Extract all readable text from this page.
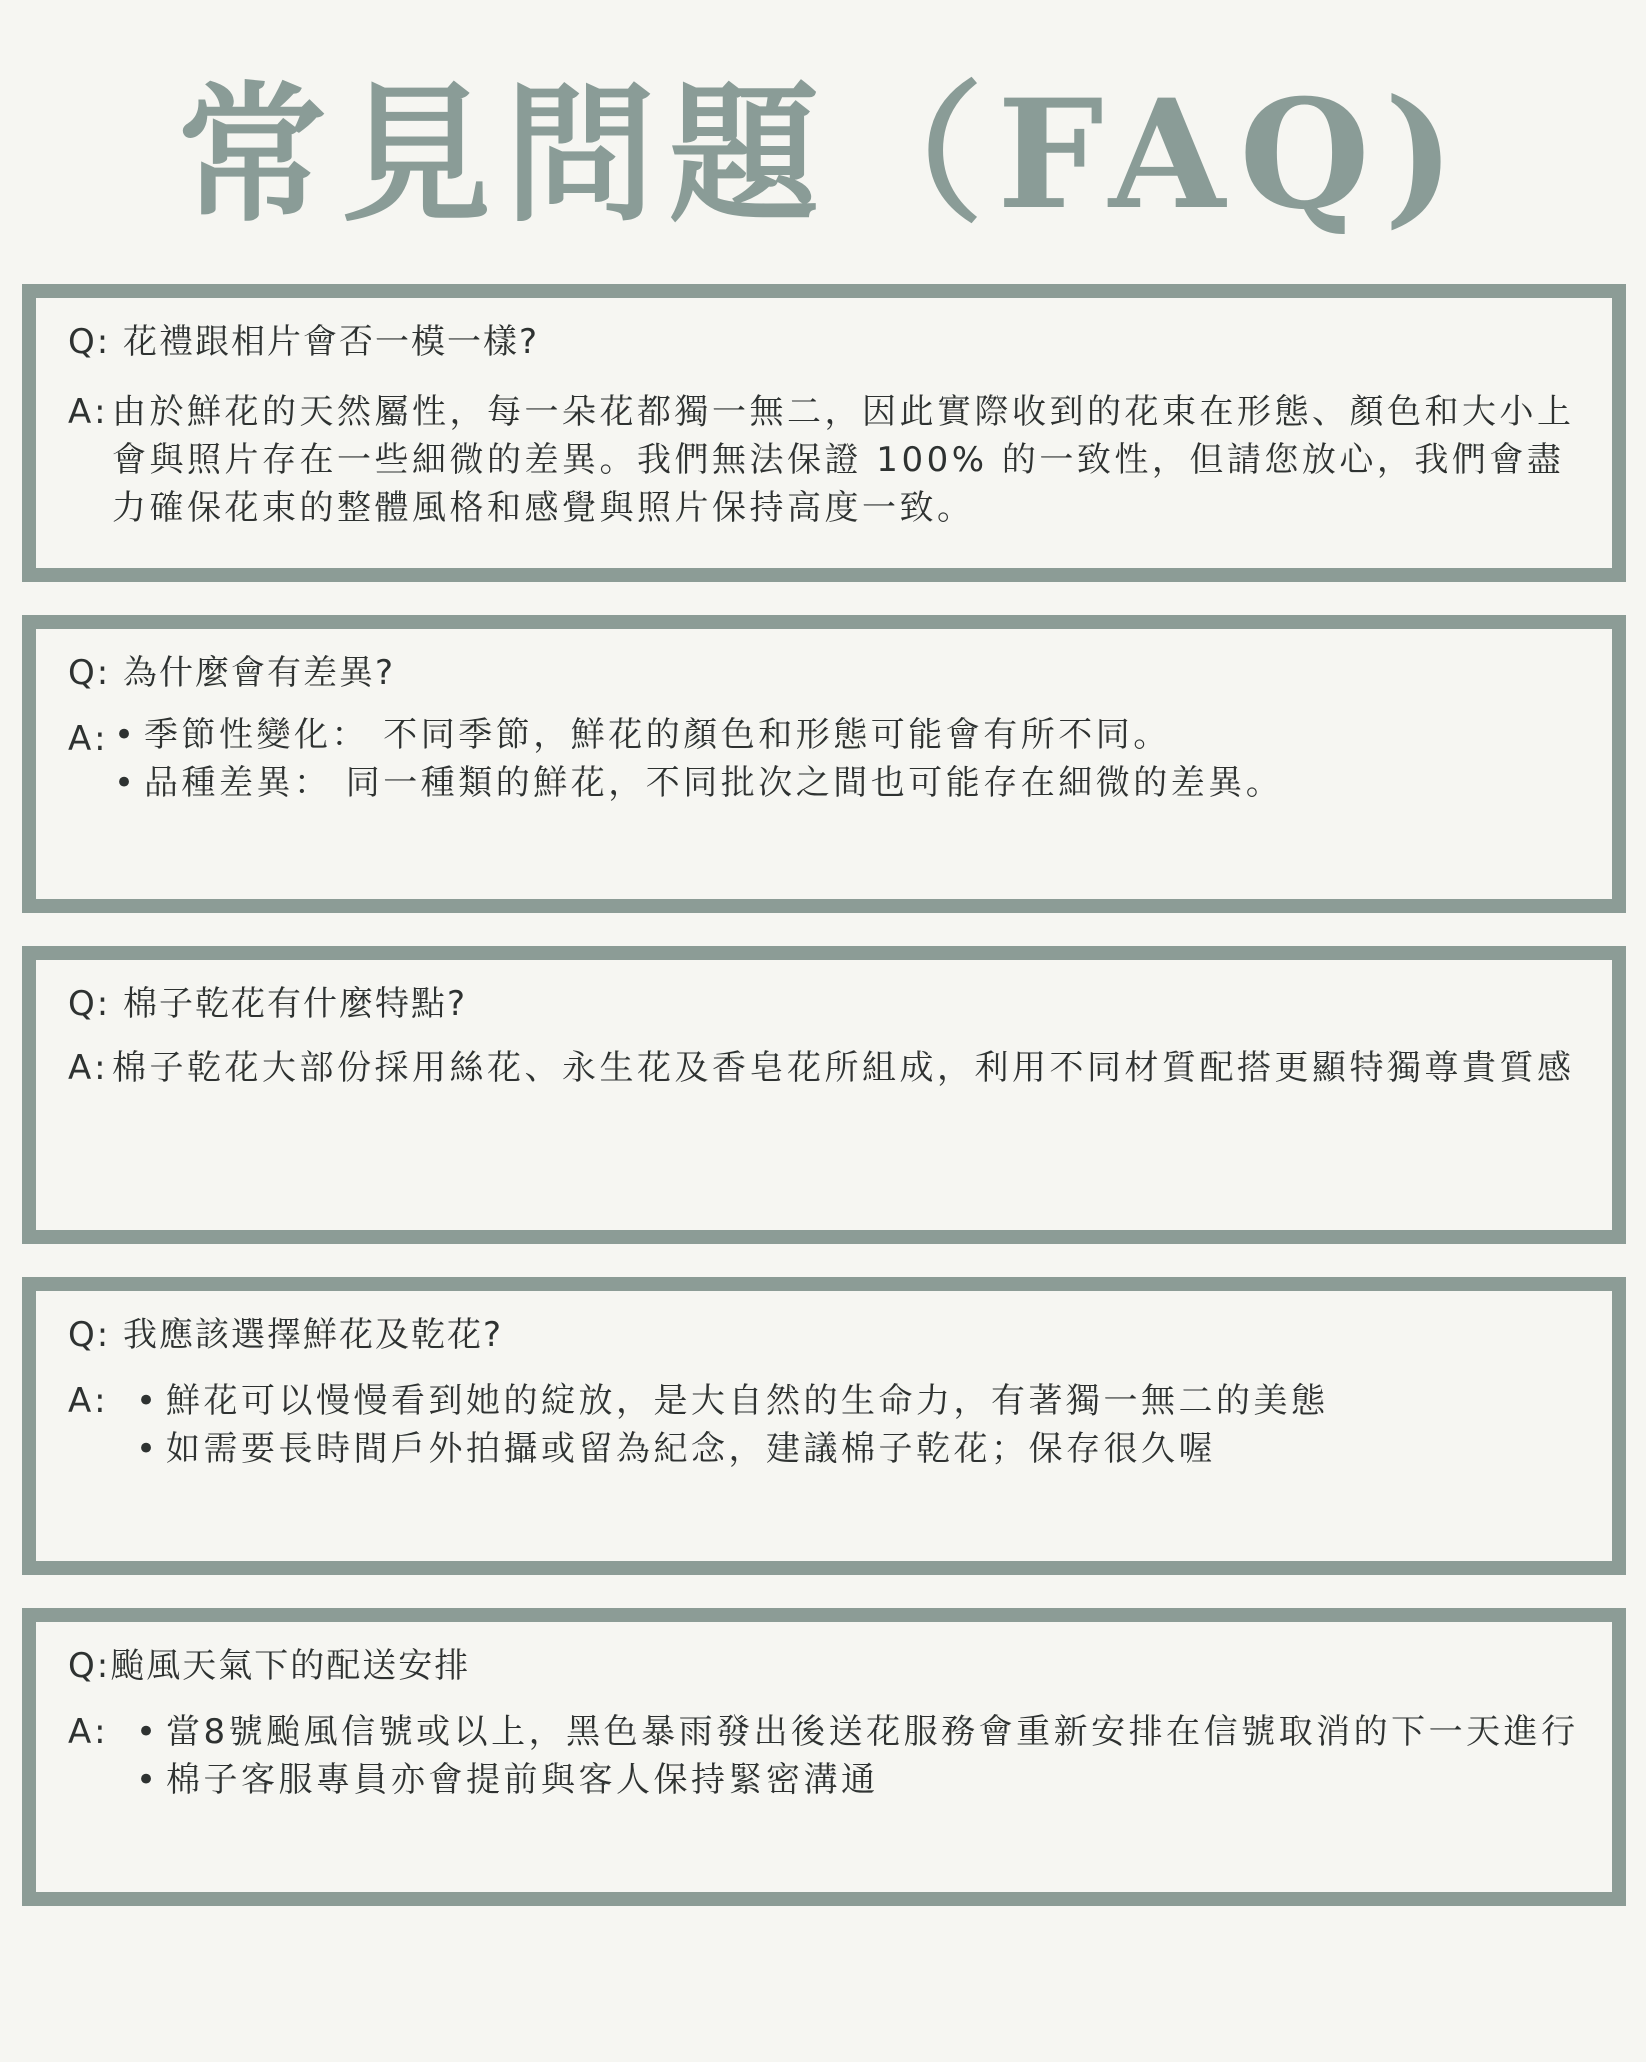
常見問題（FAQ)
Q: 花禮跟相片會否一模一樣?
A: 由於鮮花的天然屬性，每一朵花都獨一無二，因此實際收到的花束在形態、顏色和大小上會與照片存在一些細微的差異。我們無法保證 100% 的一致性，但請您放心，我們會盡力確保花束的整體風格和感覺與照片保持高度一致。
Q: 為什麼會有差異?
A: • 季節性變化： 不同季節，鮮花的顏色和形態可能會有所不同。
• 品種差異： 同一種類的鮮花，不同批次之間也可能存在細微的差異。
Q: 棉子乾花有什麼特點?
A: 棉子乾花大部份採用絲花、永生花及香皂花所組成，利用不同材質配搭更顯特獨尊貴質感
Q: 我應該選擇鮮花及乾花?
A: • 鮮花可以慢慢看到她的綻放，是大自然的生命力，有著獨一無二的美態
• 如需要長時間戶外拍攝或留為紀念，建議棉子乾花；保存很久喔
Q:颱風天氣下的配送安排
A: • 當8號颱風信號或以上，黑色暴雨發出後送花服務會重新安排在信號取消的下一天進行
• 棉子客服專員亦會提前與客人保持緊密溝通
